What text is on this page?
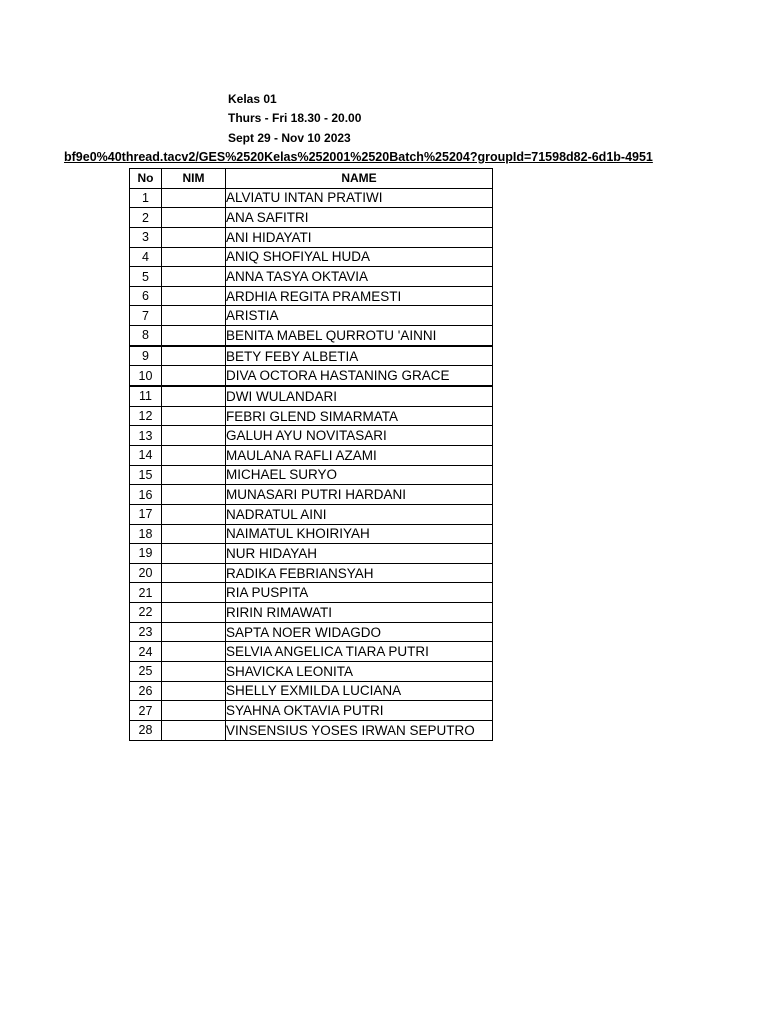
Kelas 01
Thurs - Fri 18.30 - 20.00
Sept 29 - Nov 10 2023
bf9e0%40thread.tacv2/GES%2520Kelas%252001%2520Batch%25204?groupId=71598d82-6d1b-4951
No	NIM	NAME
1		ALVIATU INTAN PRATIWI
2		ANA SAFITRI
3		ANI HIDAYATI
4		ANIQ SHOFIYAL HUDA
5		ANNA TASYA OKTAVIA
6		ARDHIA REGITA PRAMESTI
7		ARISTIA
8		BENITA MABEL QURROTU 'AINNI
9		BETY FEBY ALBETIA
10		DIVA OCTORA HASTANING GRACE
11		DWI WULANDARI
12		FEBRI GLEND SIMARMATA
13		GALUH AYU NOVITASARI
14		MAULANA RAFLI AZAMI
15		MICHAEL SURYO
16		MUNASARI PUTRI HARDANI
17		NADRATUL AINI
18		NAIMATUL KHOIRIYAH
19		NUR HIDAYAH
20		RADIKA FEBRIANSYAH
21		RIA PUSPITA
22		RIRIN RIMAWATI
23		SAPTA NOER WIDAGDO
24		SELVIA ANGELICA TIARA PUTRI
25		SHAVICKA LEONITA
26		SHELLY EXMILDA LUCIANA
27		SYAHNA OKTAVIA PUTRI
28		VINSENSIUS YOSES IRWAN SEPUTRO
